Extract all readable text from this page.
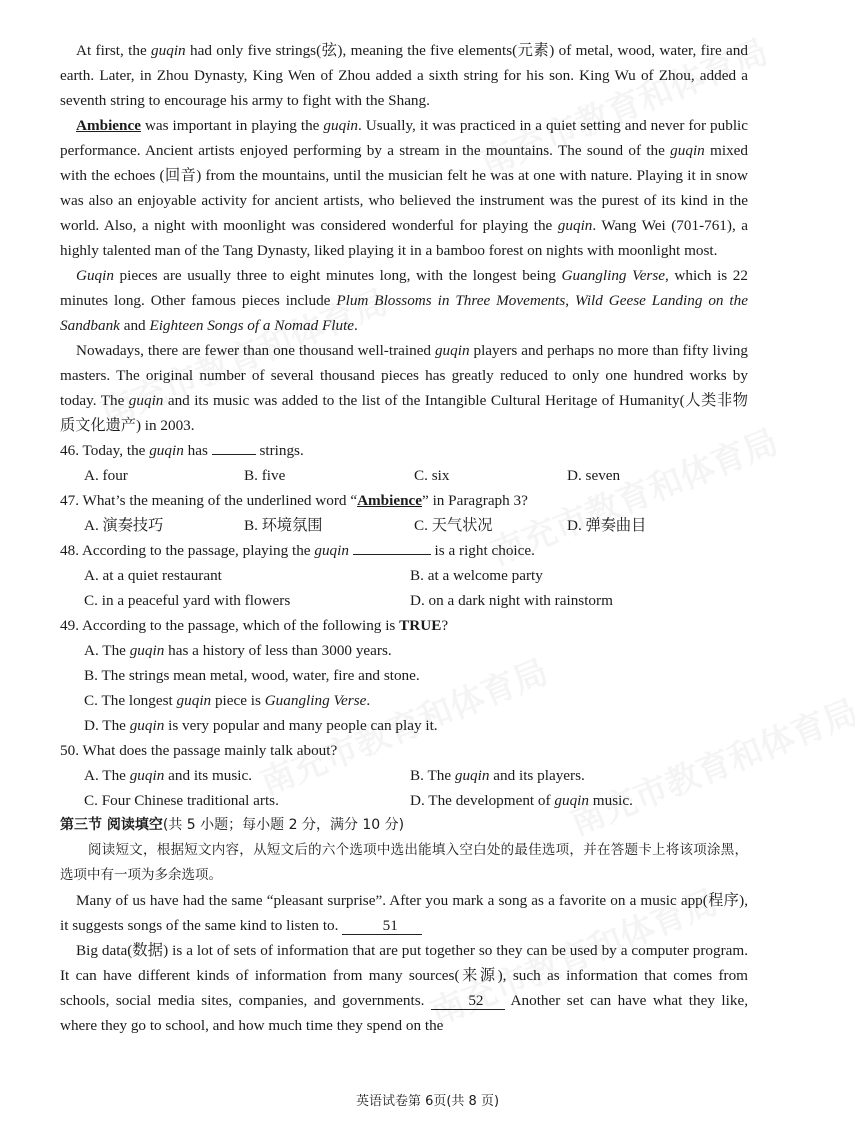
At first, the guqin had only five strings(弦), meaning the five elements(元素) of metal, wood, water, fire and earth. Later, in Zhou Dynasty, King Wen of Zhou added a sixth string for his son. King Wu of Zhou, added a seventh string to encourage his army to fight with the Shang.

Ambience was important in playing the guqin. Usually, it was practiced in a quiet setting and never for public performance. Ancient artists enjoyed performing by a stream in the mountains. The sound of the guqin mixed with the echoes (回音) from the mountains, until the musician felt he was at one with nature. Playing it in snow was also an enjoyable activity for ancient artists, who believed the instrument was the purest of its kind in the world. Also, a night with moonlight was considered wonderful for playing the guqin. Wang Wei (701-761), a highly talented man of the Tang Dynasty, liked playing it in a bamboo forest on nights with moonlight most.

Guqin pieces are usually three to eight minutes long, with the longest being Guangling Verse, which is 22 minutes long. Other famous pieces include Plum Blossoms in Three Movements, Wild Geese Landing on the Sandbank and Eighteen Songs of a Nomad Flute.

Nowadays, there are fewer than one thousand well-trained guqin players and perhaps no more than fifty living masters. The original number of several thousand pieces has greatly reduced to only one hundred works by today. The guqin and its music was added to the list of the Intangible Cultural Heritage of Humanity(人类非物质文化遗产) in 2003.

46. Today, the guqin has	strings.

A. four	B. five	C. six	D. seven

47. What’s the meaning of the underlined word “Ambience” in Paragraph 3?

A. 演奏技巧	B. 环境氛围	C. 天气状况	D. 弹奏曲目

48. According to the passage, playing the guqin	is a right choice.

A. at a quiet restaurant	B. at a welcome party
C. in a peaceful yard with flowers	D. on a dark night with rainstorm

49. According to the passage, which of the following is TRUE?

A. The guqin has a history of less than 3000 years.

B. The strings mean metal, wood, water, fire and stone.

C. The longest guqin piece is Guangling Verse.

D. The guqin is very popular and many people can play it.

50. What does the passage mainly talk about?

A. The guqin and its music.	B. The guqin and its players.
C. Four Chinese traditional arts.	D. The development of guqin music.

第三节 阅读填空(共 5 小题；每小题 2 分，满分 10 分)

阅读短文，根据短文内容，从短文后的六个选项中选出能填入空白处的最佳选项，并在答题卡上将该项涂黑，选项中有一项为多余选项。

Many of us have had the same “pleasant surprise”. After you mark a song as a favorite on a music app(程序), it suggests songs of the same kind to listen to.	51

Big data(数据) is a lot of sets of information that are put together so they can be used by a computer program. It can have different kinds of information from many sources(来源), such as information that comes from schools, social media sites, companies, and governments.	52 Another set can have what they like, where they go to school, and how much time they spend on the

英语试卷第 6页(共 8 页)
